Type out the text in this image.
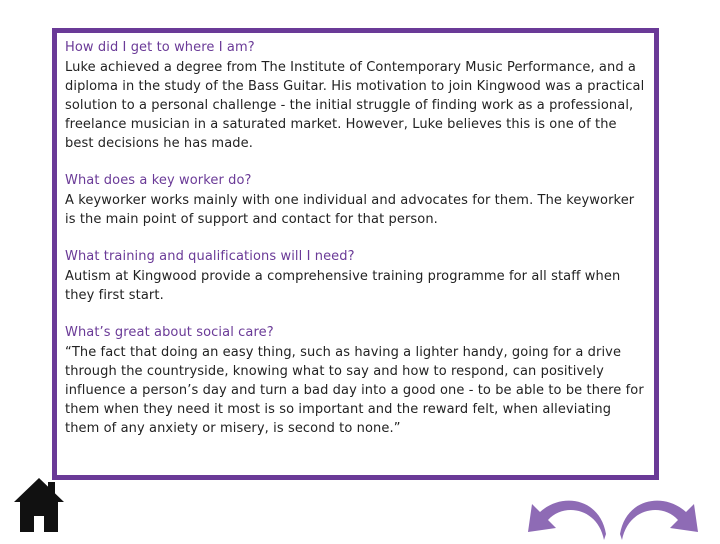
How did I get to where I am?

Luke achieved a degree from The Institute of Contemporary Music Performance, and a diploma in the study of the Bass Guitar. His motivation to join Kingwood was a practical solution to a personal challenge - the initial struggle of finding work as a professional, freelance musician in a saturated market. However, Luke believes this is one of the best decisions he has made.

What does a key worker do?

A keyworker works mainly with one individual and advocates for them. The keyworker is the main point of support and contact for that person.

What training and qualifications will I need?

Autism at Kingwood provide a comprehensive training programme for all staff when they first start.

What’s great about social care?

“The fact that doing an easy thing, such as having a lighter handy, going for a drive through the countryside, knowing what to say and how to respond, can positively influence a person’s day and turn a bad day into a good one - to be able to be there for them when they need it most is so important and the reward felt, when alleviating them of any anxiety or misery, is second to none.”
